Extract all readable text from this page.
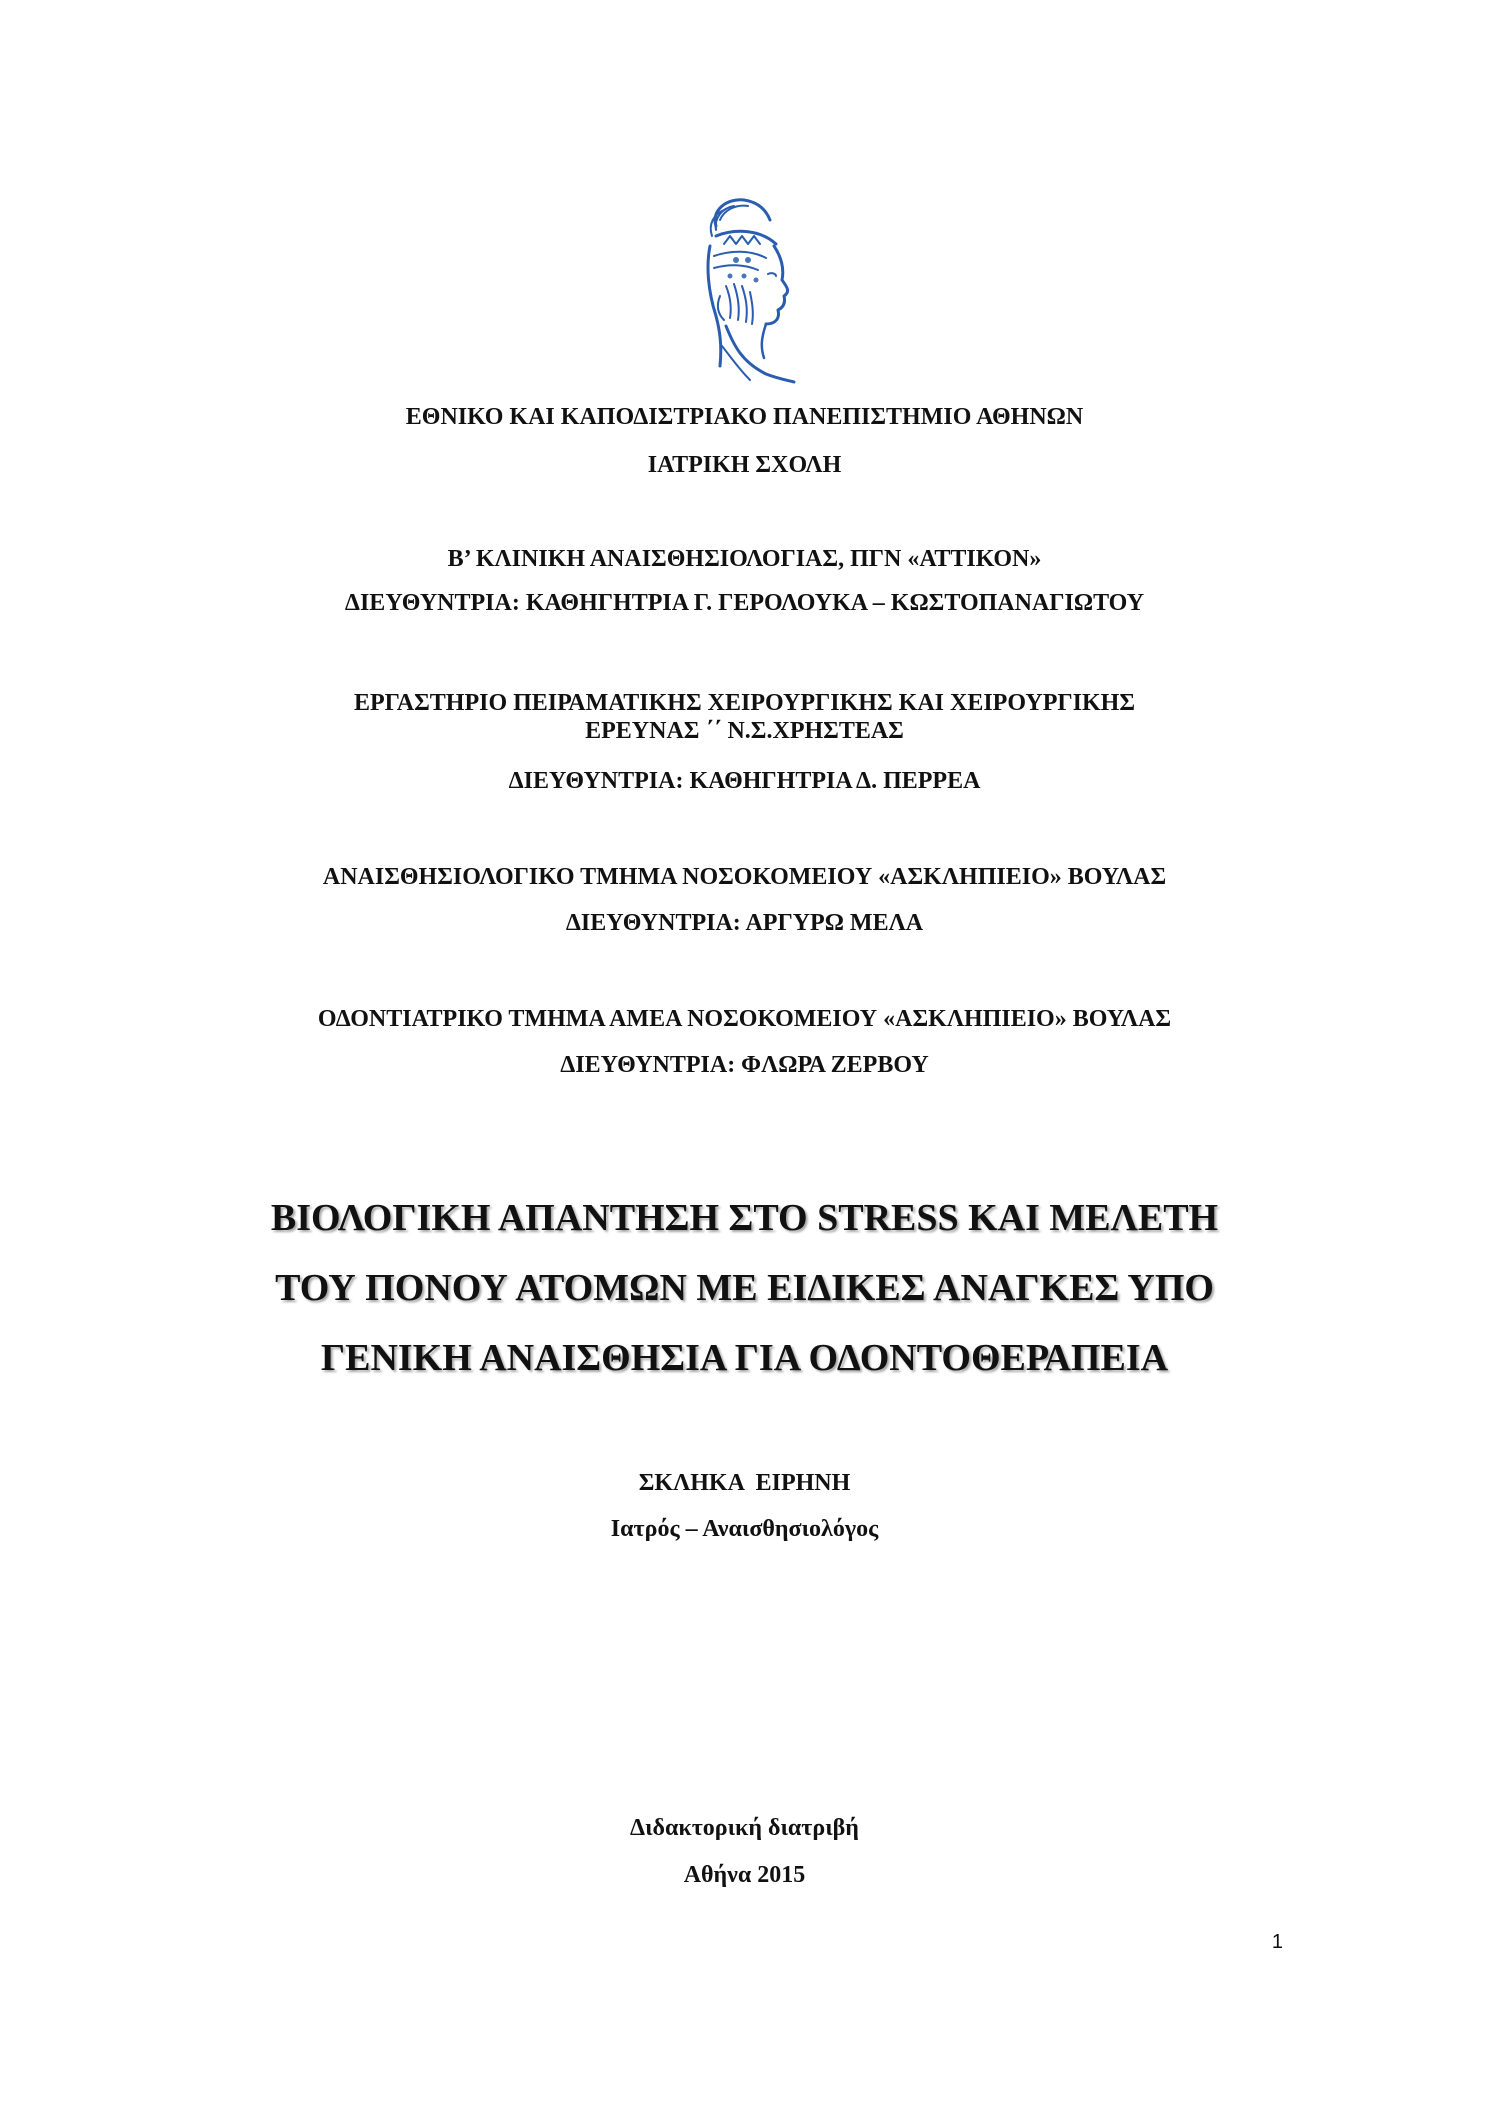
ΕΘΝΙΚΟ ΚΑΙ ΚΑΠΟΔΙΣΤΡΙΑΚΟ ΠΑΝΕΠΙΣΤΗΜΙΟ ΑΘΗΝΩΝ
ΙΑΤΡΙΚΗ ΣΧΟΛΗ
Β’ ΚΛΙΝΙΚΗ ΑΝΑΙΣΘΗΣΙΟΛΟΓΙΑΣ, ΠΓΝ «ΑΤΤΙΚΟΝ»
ΔΙΕΥΘΥΝΤΡΙΑ: ΚΑΘΗΓΗΤΡΙΑ Γ. ΓΕΡΟΛΟΥΚΑ – ΚΩΣΤΟΠΑΝΑΓΙΩΤΟΥ
ΕΡΓΑΣΤΗΡΙΟ ΠΕΙΡΑΜΑΤΙΚΗΣ ΧΕΙΡΟΥΡΓΙΚΗΣ ΚΑΙ ΧΕΙΡΟΥΡΓΙΚΗΣ
ΕΡΕΥΝΑΣ ΄΄ Ν.Σ.ΧΡΗΣΤΕΑΣ
ΔΙΕΥΘΥΝΤΡΙΑ: ΚΑΘΗΓΗΤΡΙΑ Δ. ΠΕΡΡΕΑ
ΑΝΑΙΣΘΗΣΙΟΛΟΓΙΚΟ ΤΜΗΜΑ ΝΟΣΟΚΟΜΕΙΟΥ «ΑΣΚΛΗΠΙΕΙΟ» ΒΟΥΛΑΣ
ΔΙΕΥΘΥΝΤΡΙΑ: ΑΡΓΥΡΩ ΜΕΛΑ
ΟΔΟΝΤΙΑΤΡΙΚΟ ΤΜΗΜΑ ΑΜΕΑ ΝΟΣΟΚΟΜΕΙΟΥ «ΑΣΚΛΗΠΙΕΙΟ» ΒΟΥΛΑΣ
ΔΙΕΥΘΥΝΤΡΙΑ: ΦΛΩΡΑ ΖΕΡΒΟΥ
ΒΙΟΛΟΓΙΚΗ ΑΠΑΝΤΗΣΗ ΣΤΟ STRESS ΚΑΙ ΜΕΛΕΤΗ
ΤΟΥ ΠΟΝΟΥ ΑΤΟΜΩΝ ΜΕ ΕΙΔΙΚΕΣ ΑΝΑΓΚΕΣ ΥΠΟ
ΓΕΝΙΚΗ ΑΝΑΙΣΘΗΣΙΑ ΓΙΑ ΟΔΟΝΤΟΘΕΡΑΠΕΙΑ
ΣΚΛΗΚΑ  ΕΙΡΗΝΗ
Ιατρός – Αναισθησιολόγος
Διδακτορική διατριβή
Αθήνα 2015
1
